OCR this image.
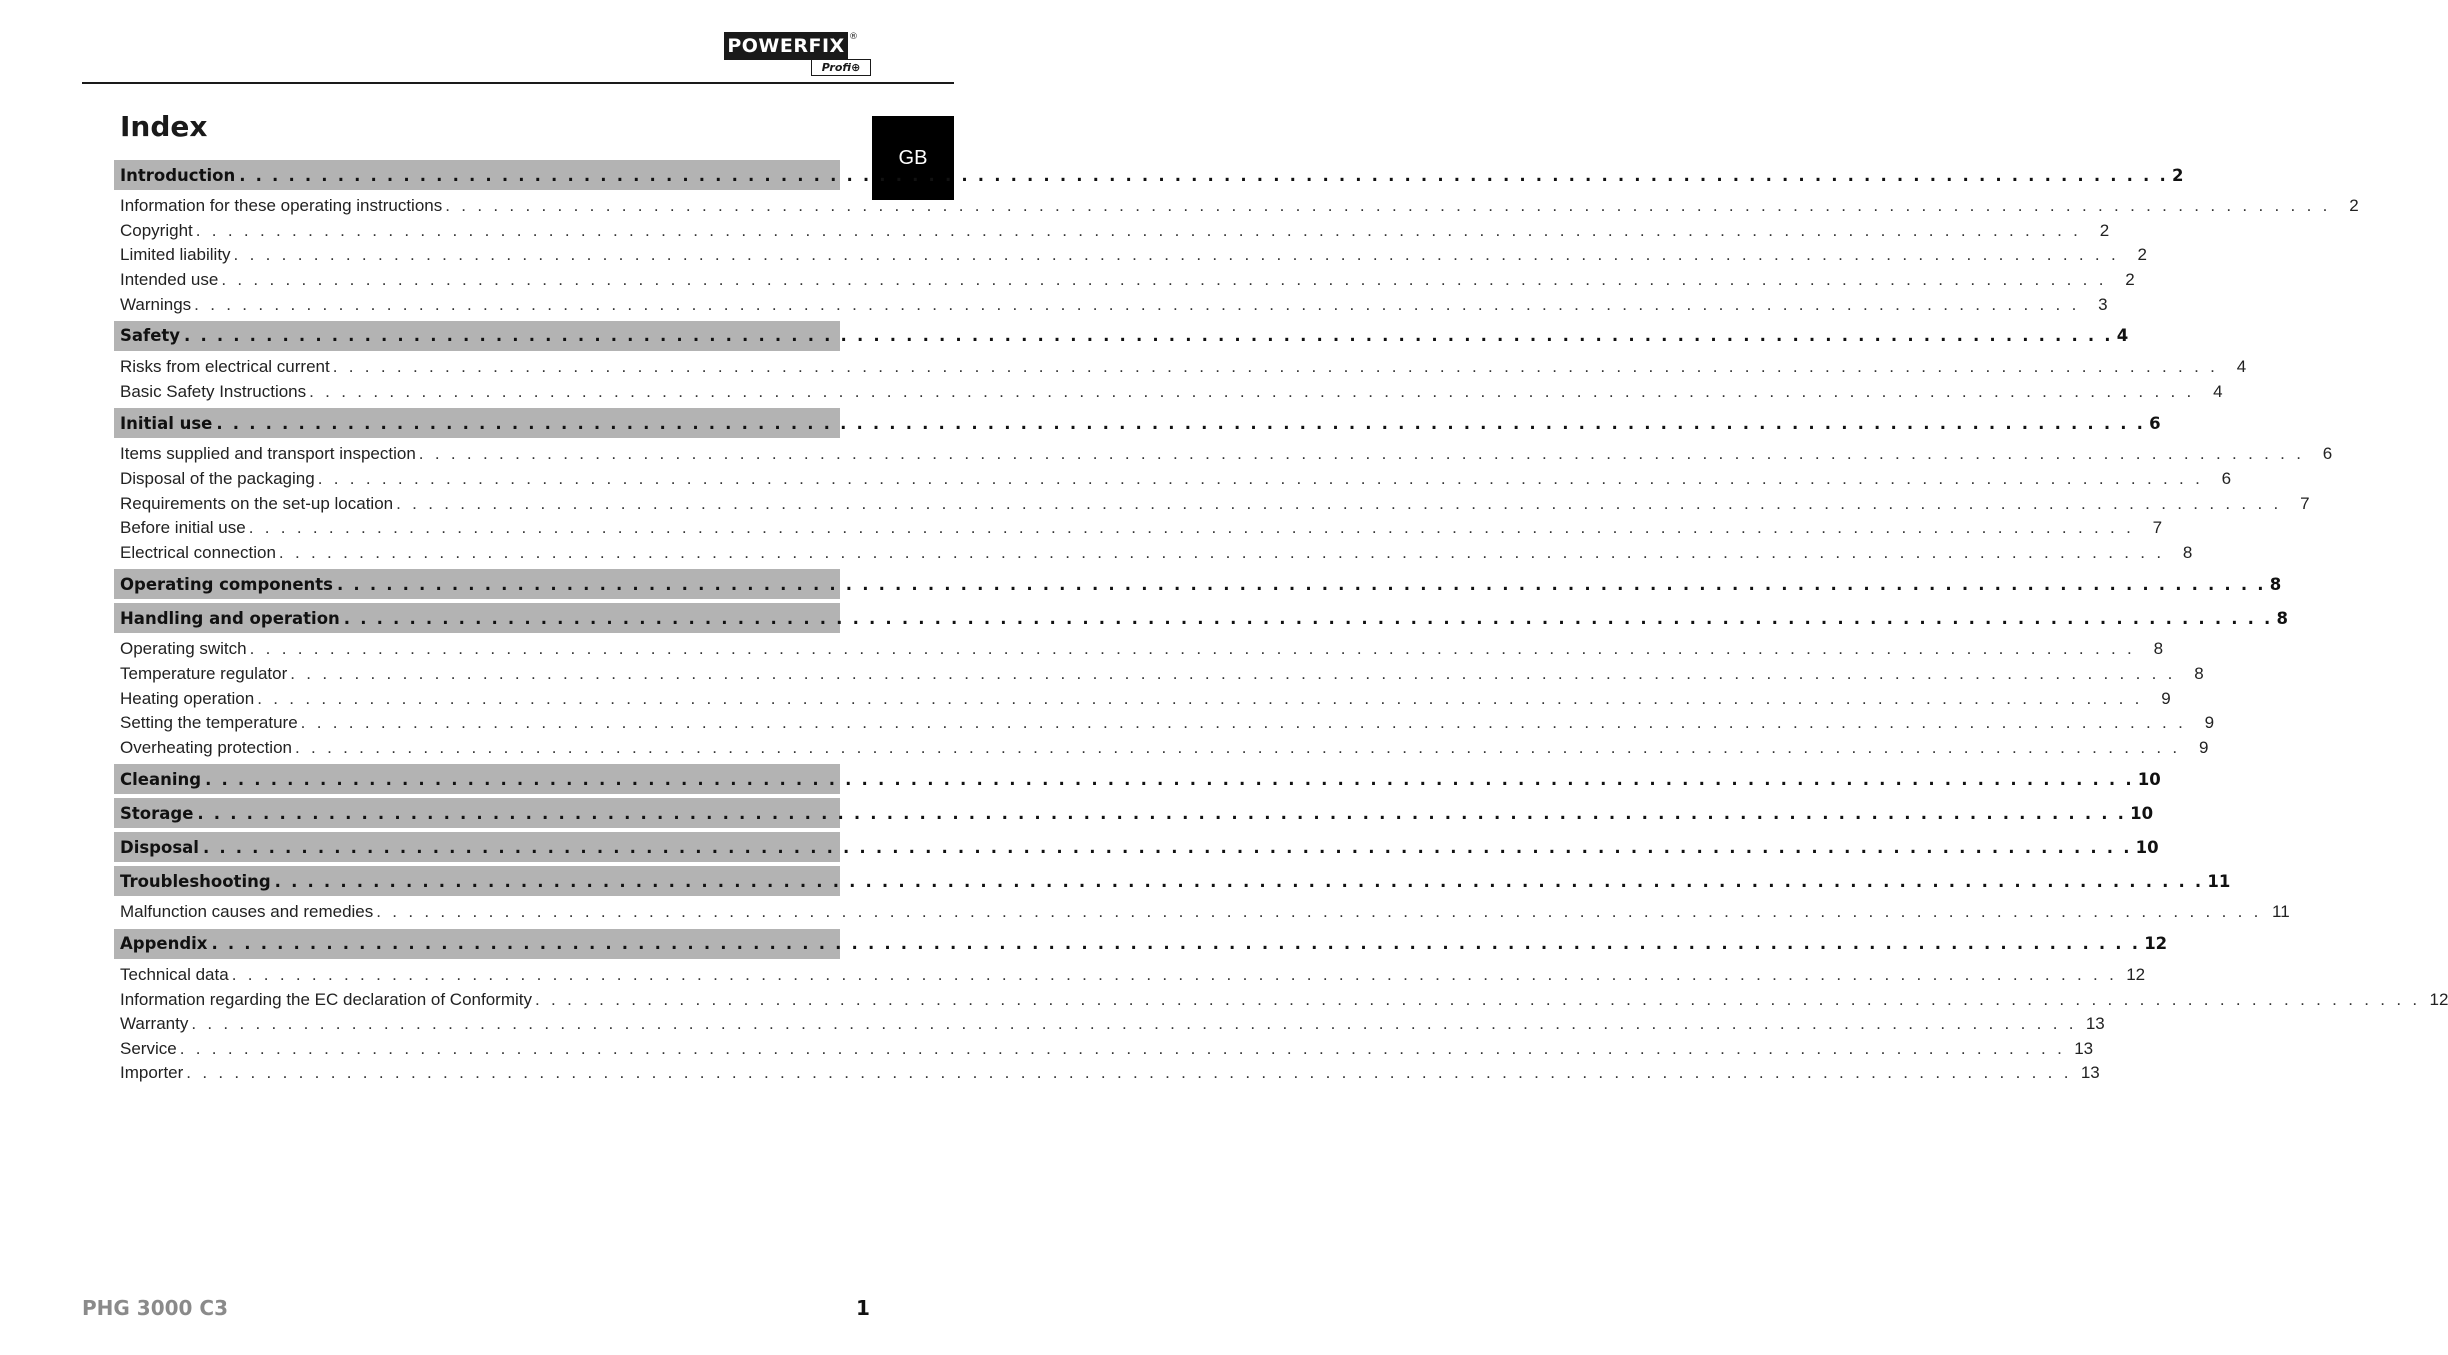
POWERFIX ®
Profi⊕
GB
Index
Introduction . . . . . . . . . . . . . . . . . . . . . . . . . . . . . . . . . . . . . . . . . . . . . . . . . . . . . . . . . . . . . . . . . . . . . . . . . . . . . . . . . . . . . . . . . . . . . . . . . . . . . . . . . . . . . . . . . . . . . . 2
Information for these operating instructions . . . . . . . . . . . . . . . . . . . . . . . . . . . . . . . . . . . . . . . . . . . . . . . . . . . . . . . . . . . . . . . . . . . . . . . . . . . . . . . . . . . . . . . . . . . . . . . . . . . . . . . . . . . . . . . . . . . . . .	2
Copyright . . . . . . . . . . . . . . . . . . . . . . . . . . . . . . . . . . . . . . . . . . . . . . . . . . . . . . . . . . . . . . . . . . . . . . . . . . . . . . . . . . . . . . . . . . . . . . . . . . . . . . . . . . . . . . . . . . . . . .	2
Limited liability . . . . . . . . . . . . . . . . . . . . . . . . . . . . . . . . . . . . . . . . . . . . . . . . . . . . . . . . . . . . . . . . . . . . . . . . . . . . . . . . . . . . . . . . . . . . . . . . . . . . . . . . . . . . . . . . . . . . . .	2
Intended use . . . . . . . . . . . . . . . . . . . . . . . . . . . . . . . . . . . . . . . . . . . . . . . . . . . . . . . . . . . . . . . . . . . . . . . . . . . . . . . . . . . . . . . . . . . . . . . . . . . . . . . . . . . . . . . . . . . . . .	2
Warnings . . . . . . . . . . . . . . . . . . . . . . . . . . . . . . . . . . . . . . . . . . . . . . . . . . . . . . . . . . . . . . . . . . . . . . . . . . . . . . . . . . . . . . . . . . . . . . . . . . . . . . . . . . . . . . . . . . . . . .	3
Safety . . . . . . . . . . . . . . . . . . . . . . . . . . . . . . . . . . . . . . . . . . . . . . . . . . . . . . . . . . . . . . . . . . . . . . . . . . . . . . . . . . . . . . . . . . . . . . . . . . . . . . . . . . . . . . . . . . . . . . 4
Risks from electrical current . . . . . . . . . . . . . . . . . . . . . . . . . . . . . . . . . . . . . . . . . . . . . . . . . . . . . . . . . . . . . . . . . . . . . . . . . . . . . . . . . . . . . . . . . . . . . . . . . . . . . . . . . . . . . . . . . . . . . .	4
Basic Safety Instructions . . . . . . . . . . . . . . . . . . . . . . . . . . . . . . . . . . . . . . . . . . . . . . . . . . . . . . . . . . . . . . . . . . . . . . . . . . . . . . . . . . . . . . . . . . . . . . . . . . . . . . . . . . . . . . . . . . . . . .	4
Initial use . . . . . . . . . . . . . . . . . . . . . . . . . . . . . . . . . . . . . . . . . . . . . . . . . . . . . . . . . . . . . . . . . . . . . . . . . . . . . . . . . . . . . . . . . . . . . . . . . . . . . . . . . . . . . . . . . . . . . . 6
Items supplied and transport inspection . . . . . . . . . . . . . . . . . . . . . . . . . . . . . . . . . . . . . . . . . . . . . . . . . . . . . . . . . . . . . . . . . . . . . . . . . . . . . . . . . . . . . . . . . . . . . . . . . . . . . . . . . . . . . . . . . . . . . .	6
Disposal of the packaging . . . . . . . . . . . . . . . . . . . . . . . . . . . . . . . . . . . . . . . . . . . . . . . . . . . . . . . . . . . . . . . . . . . . . . . . . . . . . . . . . . . . . . . . . . . . . . . . . . . . . . . . . . . . . . . . . . . . . .	6
Requirements on the set-up location . . . . . . . . . . . . . . . . . . . . . . . . . . . . . . . . . . . . . . . . . . . . . . . . . . . . . . . . . . . . . . . . . . . . . . . . . . . . . . . . . . . . . . . . . . . . . . . . . . . . . . . . . . . . . . . . . . . . . .	7
Before initial use . . . . . . . . . . . . . . . . . . . . . . . . . . . . . . . . . . . . . . . . . . . . . . . . . . . . . . . . . . . . . . . . . . . . . . . . . . . . . . . . . . . . . . . . . . . . . . . . . . . . . . . . . . . . . . . . . . . . . .	7
Electrical connection . . . . . . . . . . . . . . . . . . . . . . . . . . . . . . . . . . . . . . . . . . . . . . . . . . . . . . . . . . . . . . . . . . . . . . . . . . . . . . . . . . . . . . . . . . . . . . . . . . . . . . . . . . . . . . . . . . . . . .	8
Operating components . . . . . . . . . . . . . . . . . . . . . . . . . . . . . . . . . . . . . . . . . . . . . . . . . . . . . . . . . . . . . . . . . . . . . . . . . . . . . . . . . . . . . . . . . . . . . . . . . . . . . . . . . . . . . . . . . . . . . . 8
Handling and operation . . . . . . . . . . . . . . . . . . . . . . . . . . . . . . . . . . . . . . . . . . . . . . . . . . . . . . . . . . . . . . . . . . . . . . . . . . . . . . . . . . . . . . . . . . . . . . . . . . . . . . . . . . . . . . . . . . . . . . 8
Operating switch . . . . . . . . . . . . . . . . . . . . . . . . . . . . . . . . . . . . . . . . . . . . . . . . . . . . . . . . . . . . . . . . . . . . . . . . . . . . . . . . . . . . . . . . . . . . . . . . . . . . . . . . . . . . . . . . . . . . . .	8
Temperature regulator . . . . . . . . . . . . . . . . . . . . . . . . . . . . . . . . . . . . . . . . . . . . . . . . . . . . . . . . . . . . . . . . . . . . . . . . . . . . . . . . . . . . . . . . . . . . . . . . . . . . . . . . . . . . . . . . . . . . . .	8
Heating operation . . . . . . . . . . . . . . . . . . . . . . . . . . . . . . . . . . . . . . . . . . . . . . . . . . . . . . . . . . . . . . . . . . . . . . . . . . . . . . . . . . . . . . . . . . . . . . . . . . . . . . . . . . . . . . . . . . . . . .	9
Setting the temperature . . . . . . . . . . . . . . . . . . . . . . . . . . . . . . . . . . . . . . . . . . . . . . . . . . . . . . . . . . . . . . . . . . . . . . . . . . . . . . . . . . . . . . . . . . . . . . . . . . . . . . . . . . . . . . . . . . . . . .	9
Overheating protection . . . . . . . . . . . . . . . . . . . . . . . . . . . . . . . . . . . . . . . . . . . . . . . . . . . . . . . . . . . . . . . . . . . . . . . . . . . . . . . . . . . . . . . . . . . . . . . . . . . . . . . . . . . . . . . . . . . . . .	9
Cleaning . . . . . . . . . . . . . . . . . . . . . . . . . . . . . . . . . . . . . . . . . . . . . . . . . . . . . . . . . . . . . . . . . . . . . . . . . . . . . . . . . . . . . . . . . . . . . . . . . . . . . . . . . . . . . . . . . . . . . . 10
Storage . . . . . . . . . . . . . . . . . . . . . . . . . . . . . . . . . . . . . . . . . . . . . . . . . . . . . . . . . . . . . . . . . . . . . . . . . . . . . . . . . . . . . . . . . . . . . . . . . . . . . . . . . . . . . . . . . . . . . . 10
Disposal . . . . . . . . . . . . . . . . . . . . . . . . . . . . . . . . . . . . . . . . . . . . . . . . . . . . . . . . . . . . . . . . . . . . . . . . . . . . . . . . . . . . . . . . . . . . . . . . . . . . . . . . . . . . . . . . . . . . . . 10
Troubleshooting . . . . . . . . . . . . . . . . . . . . . . . . . . . . . . . . . . . . . . . . . . . . . . . . . . . . . . . . . . . . . . . . . . . . . . . . . . . . . . . . . . . . . . . . . . . . . . . . . . . . . . . . . . . . . . . . . . . . . . 11
Malfunction causes and remedies . . . . . . . . . . . . . . . . . . . . . . . . . . . . . . . . . . . . . . . . . . . . . . . . . . . . . . . . . . . . . . . . . . . . . . . . . . . . . . . . . . . . . . . . . . . . . . . . . . . . . . . . . . . . . . . . . . . . . . 11
Appendix . . . . . . . . . . . . . . . . . . . . . . . . . . . . . . . . . . . . . . . . . . . . . . . . . . . . . . . . . . . . . . . . . . . . . . . . . . . . . . . . . . . . . . . . . . . . . . . . . . . . . . . . . . . . . . . . . . . . . . 12
Technical data . . . . . . . . . . . . . . . . . . . . . . . . . . . . . . . . . . . . . . . . . . . . . . . . . . . . . . . . . . . . . . . . . . . . . . . . . . . . . . . . . . . . . . . . . . . . . . . . . . . . . . . . . . . . . . . . . . . . . . 12
Information regarding the EC declaration of Conformity . . . . . . . . . . . . . . . . . . . . . . . . . . . . . . . . . . . . . . . . . . . . . . . . . . . . . . . . . . . . . . . . . . . . . . . . . . . . . . . . . . . . . . . . . . . . . . . . . . . . . . . . . . . . . . . . . . . . . . 12
Warranty . . . . . . . . . . . . . . . . . . . . . . . . . . . . . . . . . . . . . . . . . . . . . . . . . . . . . . . . . . . . . . . . . . . . . . . . . . . . . . . . . . . . . . . . . . . . . . . . . . . . . . . . . . . . . . . . . . . . . . 13
Service . . . . . . . . . . . . . . . . . . . . . . . . . . . . . . . . . . . . . . . . . . . . . . . . . . . . . . . . . . . . . . . . . . . . . . . . . . . . . . . . . . . . . . . . . . . . . . . . . . . . . . . . . . . . . . . . . . . . . . 13
Importer . . . . . . . . . . . . . . . . . . . . . . . . . . . . . . . . . . . . . . . . . . . . . . . . . . . . . . . . . . . . . . . . . . . . . . . . . . . . . . . . . . . . . . . . . . . . . . . . . . . . . . . . . . . . . . . . . . . . . . 13
PHG 3000 C3	1
